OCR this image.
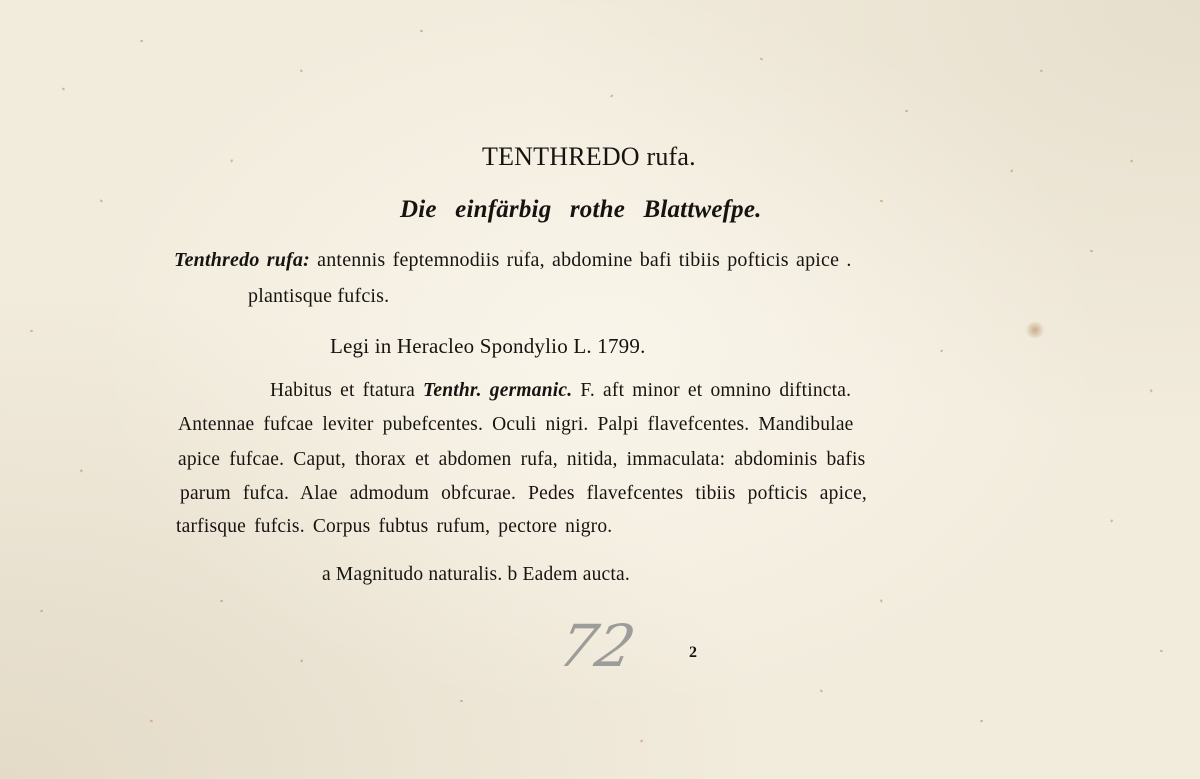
TENTHREDO rufa.

Die einfärbig rothe Blattwefpe.

Tenthredo rufa: antennis feptemnodiis rufa, abdomine bafi tibiis pofticis apice .

plantisque fufcis.

Legi in Heracleo Spondylio L. 1799.

Habitus et ftatura Tenthr. germanic. F. aft minor et omnino diftincta.

Antennae fufcae leviter pubefcentes. Oculi nigri. Palpi flavefcentes. Mandibulae

apice fufcae. Caput, thorax et abdomen rufa, nitida, immaculata: abdominis bafis

parum fufca. Alae admodum obfcurae. Pedes flavefcentes tibiis pofticis apice,

tarfisque fufcis. Corpus fubtus rufum, pectore nigro.

a Magnitudo naturalis. b Eadem aucta.

72	2
